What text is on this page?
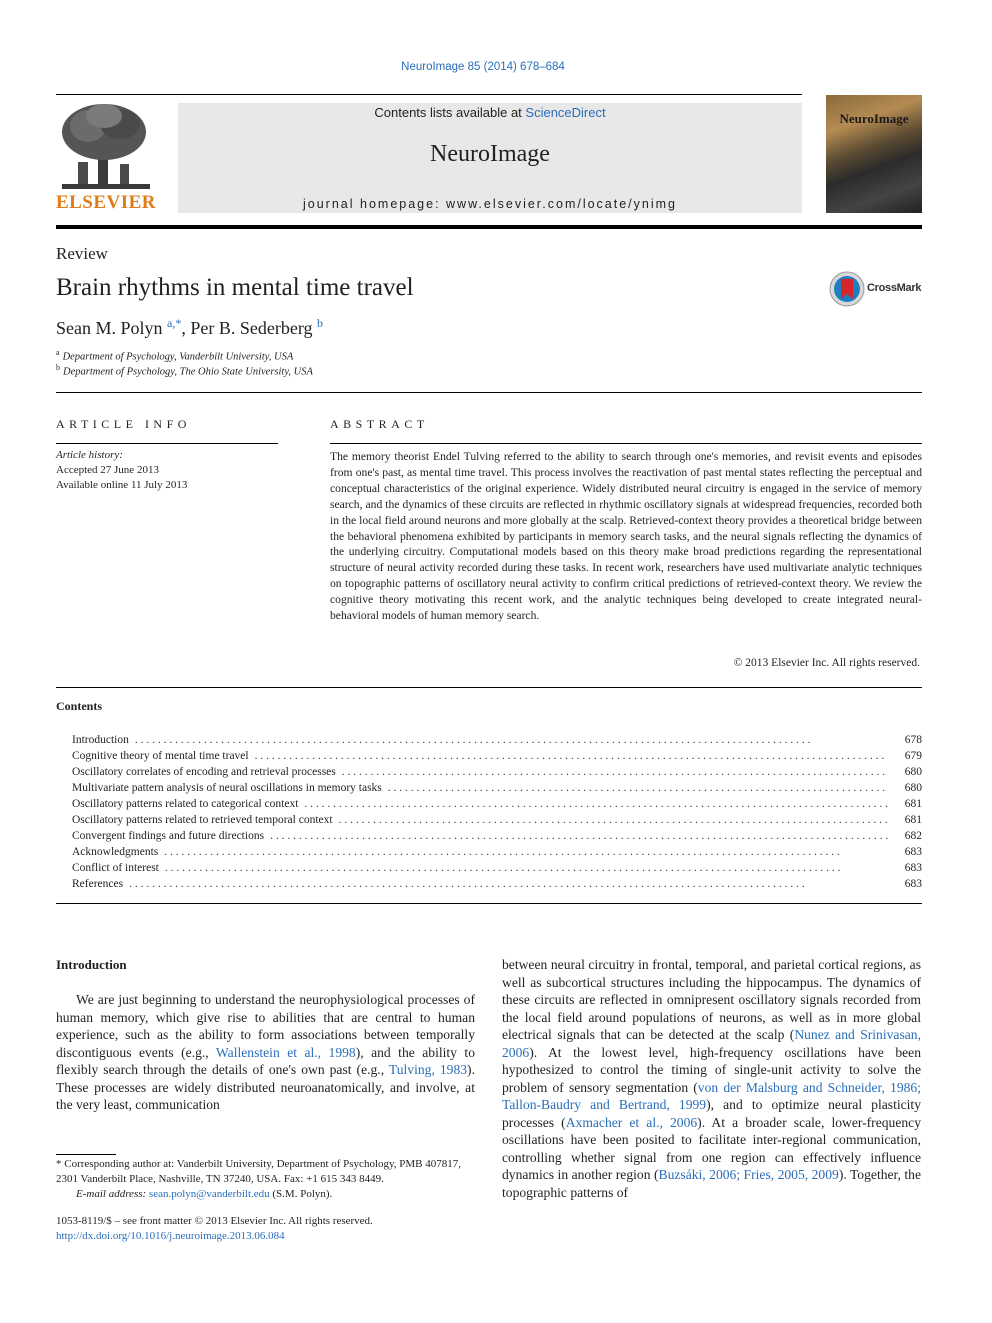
NeuroImage 85 (2014) 678–684
ELSEVIER
Contents lists available at ScienceDirect
NeuroImage
journal homepage: www.elsevier.com/locate/ynimg
NeuroImage
Review
Brain rhythms in mental time travel
Sean M. Polyn $^{a,*}$, Per B. Sederberg $^b$
CrossMark
$^a$ Department of Psychology, Vanderbilt University, USA
$^b$ Department of Psychology, The Ohio State University, USA
ARTICLE INFO
Article history:
Accepted 27 June 2013
Available online 11 July 2013
ABSTRACT
The memory theorist Endel Tulving referred to the ability to search through one's memories, and revisit events and episodes from one's past, as mental time travel. This process involves the reactivation of past mental states reflecting the perceptual and conceptual characteristics of the original experience. Widely distributed neural circuitry is engaged in the service of memory search, and the dynamics of these circuits are reflected in rhythmic oscillatory signals at widespread frequencies, recorded both in the local field around neurons and more globally at the scalp. Retrieved-context theory provides a theoretical bridge between the behavioral phenomena exhibited by participants in memory search tasks, and the neural signals reflecting the dynamics of the underlying circuitry. Computational models based on this theory make broad predictions regarding the representational structure of neural activity recorded during these tasks. In recent work, researchers have used multivariate analytic techniques on topographic patterns of oscillatory neural activity to confirm critical predictions of retrieved-context theory. We review the cognitive theory motivating this recent work, and the analytic techniques being developed to create integrated neural-behavioral models of human memory search.
© 2013 Elsevier Inc. All rights reserved.
Contents
Introduction . . .	678
Cognitive theory of mental time travel . . .	679
Oscillatory correlates of encoding and retrieval processes . . .	680
Multivariate pattern analysis of neural oscillations in memory tasks . . .	680
Oscillatory patterns related to categorical context . . .	681
Oscillatory patterns related to retrieved temporal context . . .	681
Convergent findings and future directions . . .	682
Acknowledgments . . .	683
Conflict of interest . . .	683
References . . .	683
Introduction
We are just beginning to understand the neurophysiological processes of human memory, which give rise to abilities that are central to human experience, such as the ability to form associations between temporally discontiguous events (e.g., Wallenstein et al., 1998), and the ability to flexibly search through the details of one's own past (e.g., Tulving, 1983). These processes are widely distributed neuroanatomically, and involve, at the very least, communication
between neural circuitry in frontal, temporal, and parietal cortical regions, as well as subcortical structures including the hippocampus. The dynamics of these circuits are reflected in omnipresent oscillatory signals recorded from the local field around populations of neurons, as well as in more global electrical signals that can be detected at the scalp (Nunez and Srinivasan, 2006). At the lowest level, high-frequency oscillations have been hypothesized to control the timing of single-unit activity to solve the problem of sensory segmentation (von der Malsburg and Schneider, 1986; Tallon-Baudry and Bertrand, 1999), and to optimize neural plasticity processes (Axmacher et al., 2006). At a broader scale, lower-frequency oscillations have been posited to facilitate inter-regional communication, controlling whether signal from one region can effectively influence dynamics in another region (Buzsáki, 2006; Fries, 2005, 2009). Together, the topographic patterns of
* Corresponding author at: Vanderbilt University, Department of Psychology, PMB 407817, 2301 Vanderbilt Place, Nashville, TN 37240, USA. Fax: +1 615 343 8449.
E-mail address: sean.polyn@vanderbilt.edu (S.M. Polyn).
1053-8119/$ – see front matter © 2013 Elsevier Inc. All rights reserved.
http://dx.doi.org/10.1016/j.neuroimage.2013.06.084
